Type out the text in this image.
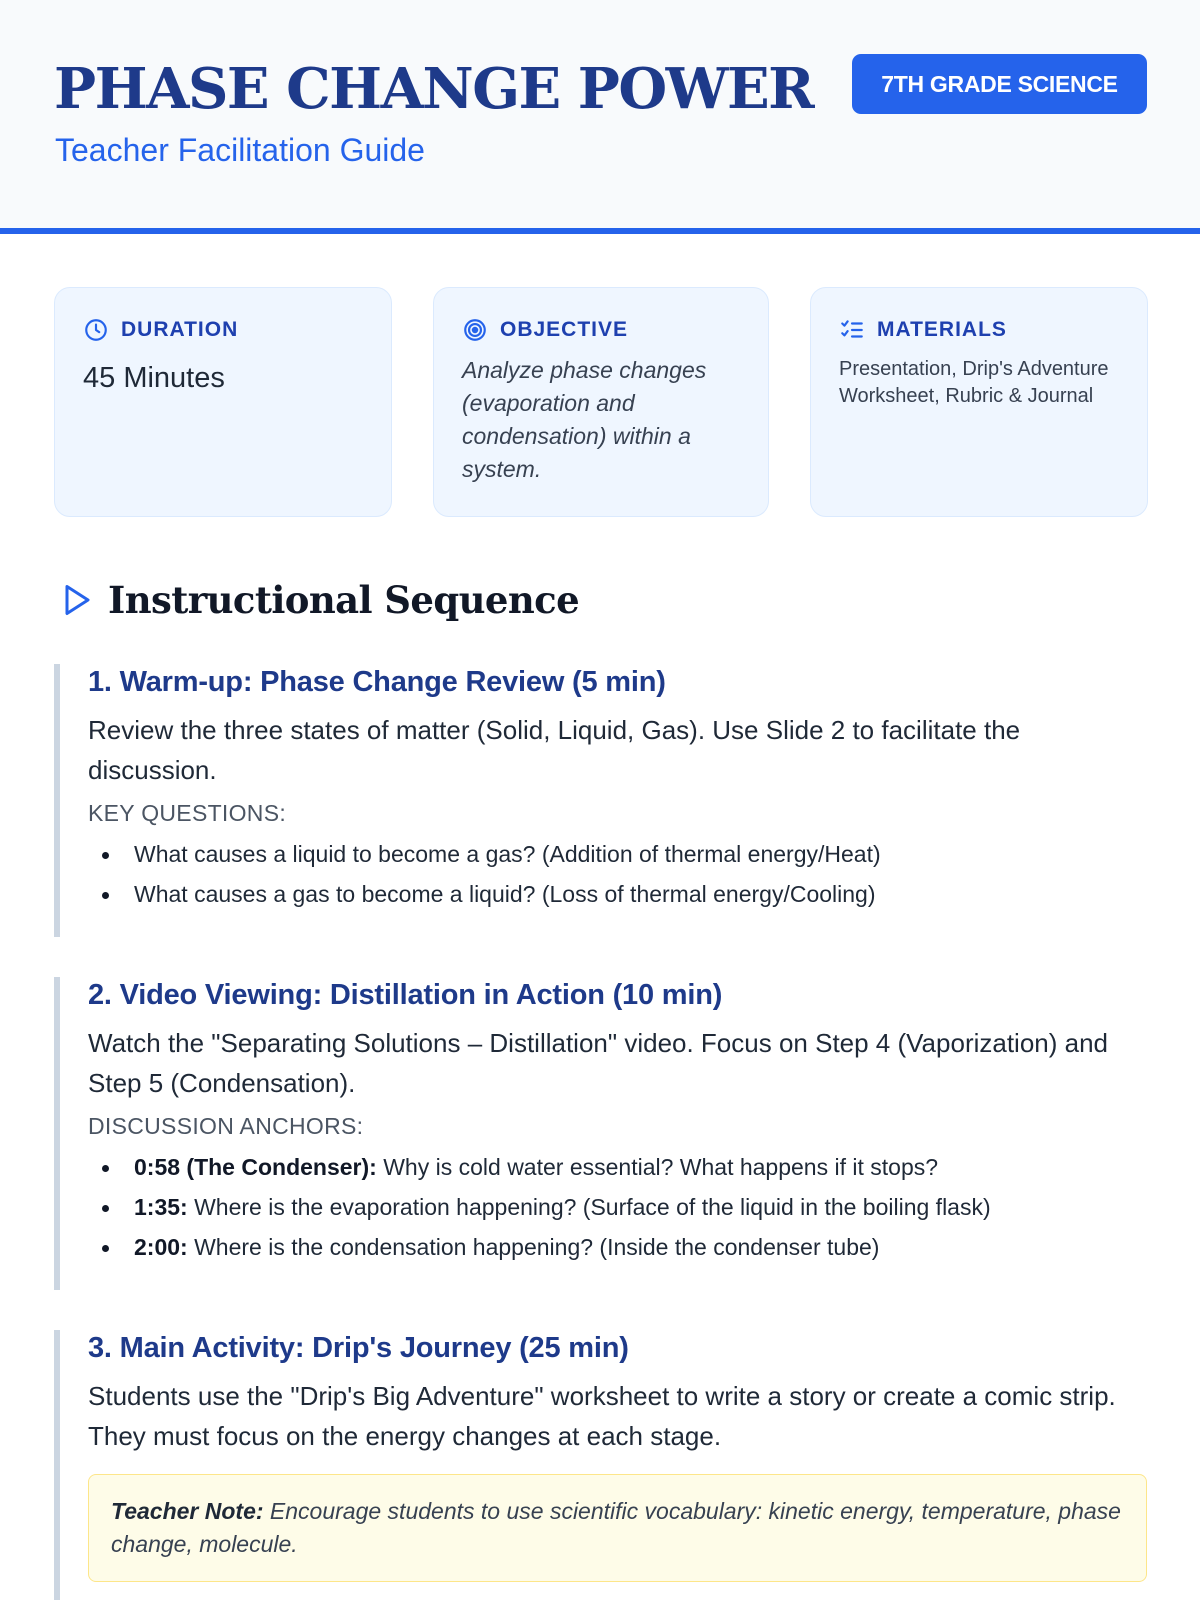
PHASE CHANGE POWER
Teacher Facilitation Guide
7TH GRADE SCIENCE
DURATION
45 Minutes
OBJECTIVE
Analyze phase changes (evaporation and condensation) within a system.
MATERIALS
Presentation, Drip's Adventure Worksheet, Rubric & Journal
Instructional Sequence
1. Warm-up: Phase Change Review (5 min)

Review the three states of matter (Solid, Liquid, Gas). Use Slide 2 to facilitate the discussion.

KEY QUESTIONS:
What causes a liquid to become a gas? (Addition of thermal energy/Heat)
What causes a gas to become a liquid? (Loss of thermal energy/Cooling)
2. Video Viewing: Distillation in Action (10 min)

Watch the "Separating Solutions – Distillation" video. Focus on Step 4 (Vaporization) and Step 5 (Condensation).

DISCUSSION ANCHORS:
0:58 (The Condenser): Why is cold water essential? What happens if it stops?
1:35: Where is the evaporation happening? (Surface of the liquid in the boiling flask)
2:00: Where is the condensation happening? (Inside the condenser tube)
3. Main Activity: Drip's Journey (25 min)

Students use the "Drip's Big Adventure" worksheet to write a story or create a comic strip. They must focus on the energy changes at each stage.

Teacher Note: Encourage students to use scientific vocabulary: kinetic energy, temperature, phase change, molecule.
